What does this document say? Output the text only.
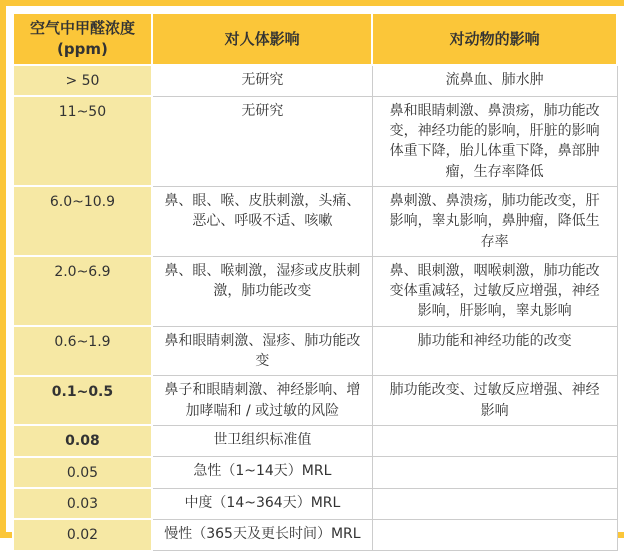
空气中甲醛浓度
(ppm)	对人体影响	对动物的影响
> 50	无研究	流鼻血、肺水肿
11~50	无研究	鼻和眼睛刺激、鼻溃疡，肺功能改变，神经功能的影响，肝脏的影响体重下降，胎儿体重下降，鼻部肿瘤，生存率降低
6.0~10.9	鼻、眼、喉、皮肤刺激，头痛、恶心、呼吸不适、咳嗽	鼻刺激、鼻溃疡，肺功能改变，肝影响，睾丸影响，鼻肿瘤，降低生存率
2.0~6.9	鼻、眼、喉刺激，湿疹或皮肤刺激，肺功能改变	鼻、眼刺激，咽喉刺激，肺功能改变体重减轻，过敏反应增强，神经影响，肝影响，睾丸影响
0.6~1.9	鼻和眼睛刺激、湿疹、肺功能改变	肺功能和神经功能的改变
0.1~0.5	鼻子和眼睛刺激、神经影响、增加哮喘和 / 或过敏的风险	肺功能改变、过敏反应增强、神经影响
0.08	世卫组织标准值	
0.05	急性（1~14天）MRL	
0.03	中度（14~364天）MRL	
0.02	慢性（365天及更长时间）MRL	
